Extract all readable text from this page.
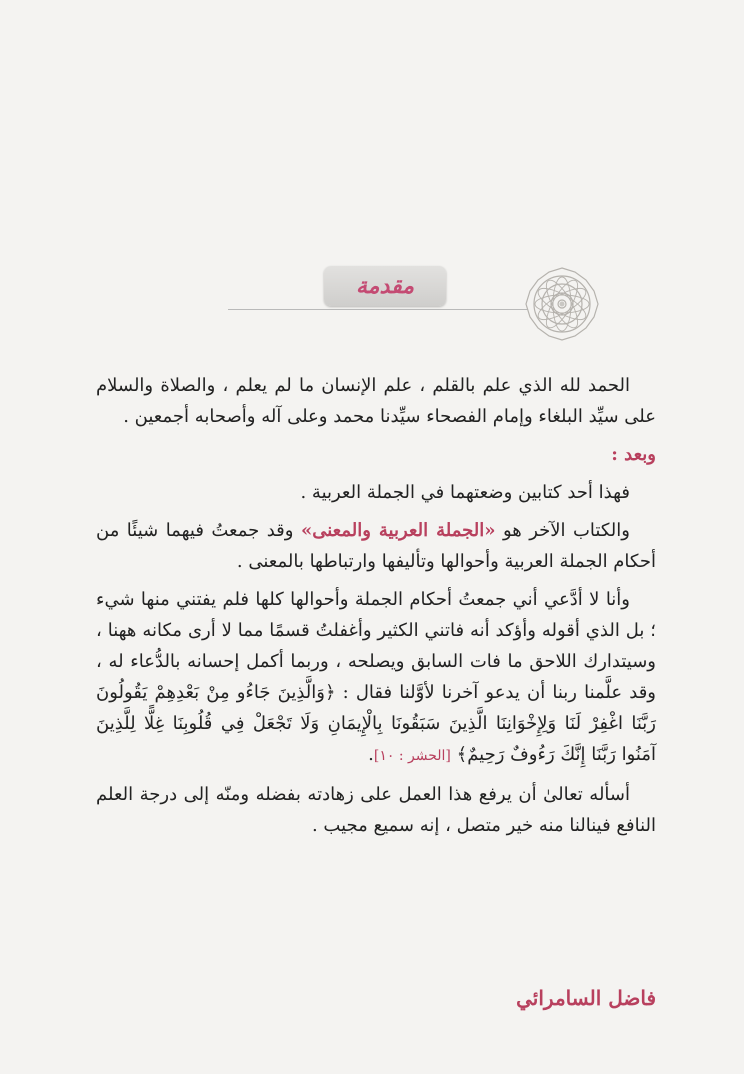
مقدمة

الحمد لله الذي علم بالقلم ، علم الإنسان ما لم يعلم ، والصلاة والسلام على سيِّد البلغاء وإمام الفصحاء سيِّدنا محمد وعلى آله وأصحابه أجمعين .

وبعد :

فهذا أحد كتابين وضعتهما في الجملة العربية .

والكتاب الآخر هو «الجملة العربية والمعنى» وقد جمعتُ فيهما شيئًا من أحكام الجملة العربية وأحوالها وتأليفها وارتباطها بالمعنى .

وأنا لا أدَّعي أني جمعتُ أحكام الجملة وأحوالها كلها فلم يفتني منها شيء ؛ بل الذي أقوله وأؤكد أنه فاتني الكثير وأغفلتُ قسمًا مما لا أرى مكانه ههنا ، وسيتدارك اللاحق ما فات السابق ويصلحه ، وربما أكمل إحسانه بالدُّعاء له ، وقد علَّمنا ربنا أن يدعو آخرنا لأوَّلنا فقال : ﴿وَالَّذِينَ جَاءُو مِنْ بَعْدِهِمْ يَقُولُونَ رَبَّنَا اغْفِرْ لَنَا وَلِإِخْوَانِنَا الَّذِينَ سَبَقُونَا بِالْإِيمَانِ وَلَا تَجْعَلْ فِي قُلُوبِنَا غِلًّا لِلَّذِينَ آمَنُوا رَبَّنَا إِنَّكَ رَءُوفٌ رَحِيمٌ﴾ [الحشر : ١٠].

أسأله تعالىٰ أن يرفع هذا العمل على زهادته بفضله ومنّه إلى درجة العلم النافع فينالنا منه خير متصل ، إنه سميع مجيب .

فاضل السامرائي
